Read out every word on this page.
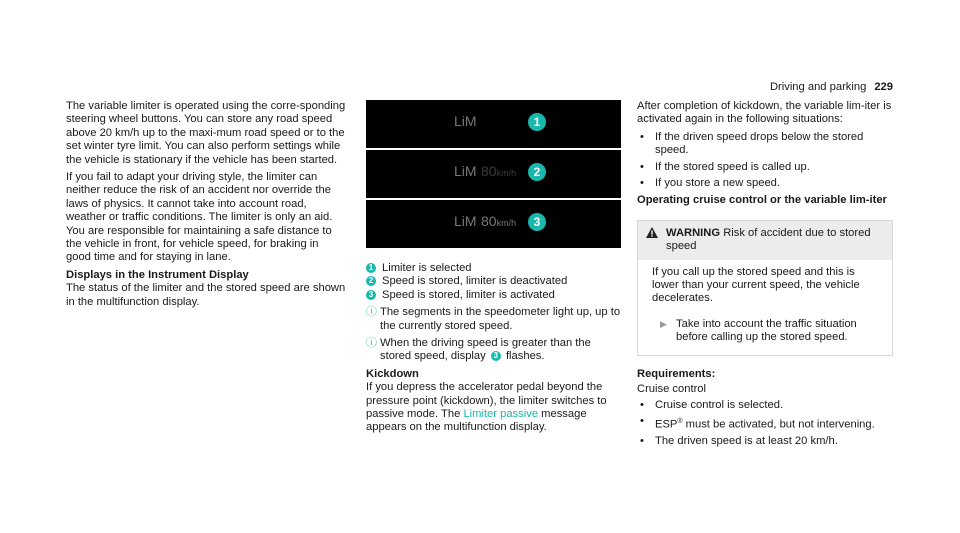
Driving and parking 229

The variable limiter is operated using the corre-sponding steering wheel buttons. You can store any road speed above 20 km/h up to the maxi-mum road speed or to the set winter tyre limit. You can also perform settings while the vehicle is stationary if the vehicle has been started.

If you fail to adapt your driving style, the limiter can neither reduce the risk of an accident nor override the laws of physics. It cannot take into account road, weather or traffic conditions. The limiter is only an aid. You are responsible for maintaining a safe distance to the vehicle in front, for vehicle speed, for braking in good time and for staying in lane.

Displays in the Instrument Display

The status of the limiter and the stored speed are shown in the multifunction display.

LiM	1
LiM 80km/h	2
LiM 80km/h	3

1 Limiter is selected

2 Speed is stored, limiter is deactivated

3 Speed is stored, limiter is activated

ⓘ The segments in the speedometer light up, up to the currently stored speed.
ⓘ When the driving speed is greater than the stored speed, display 3 flashes.

Kickdown

If you depress the accelerator pedal beyond the pressure point (kickdown), the limiter switches to passive mode. The Limiter passive message appears on the multifunction display.

After completion of kickdown, the variable lim-iter is activated again in the following situations:

• If the driven speed drops below the stored speed.
• If the stored speed is called up.
• If you store a new speed.

Operating cruise control or the variable lim-iter

WARNING Risk of accident due to stored speed

If you call up the stored speed and this is lower than your current speed, the vehicle decelerates.

▶ Take into account the traffic situation before calling up the stored speed.

Requirements:

Cruise control

• Cruise control is selected.
• ESP® must be activated, but not intervening.
• The driven speed is at least 20 km/h.
